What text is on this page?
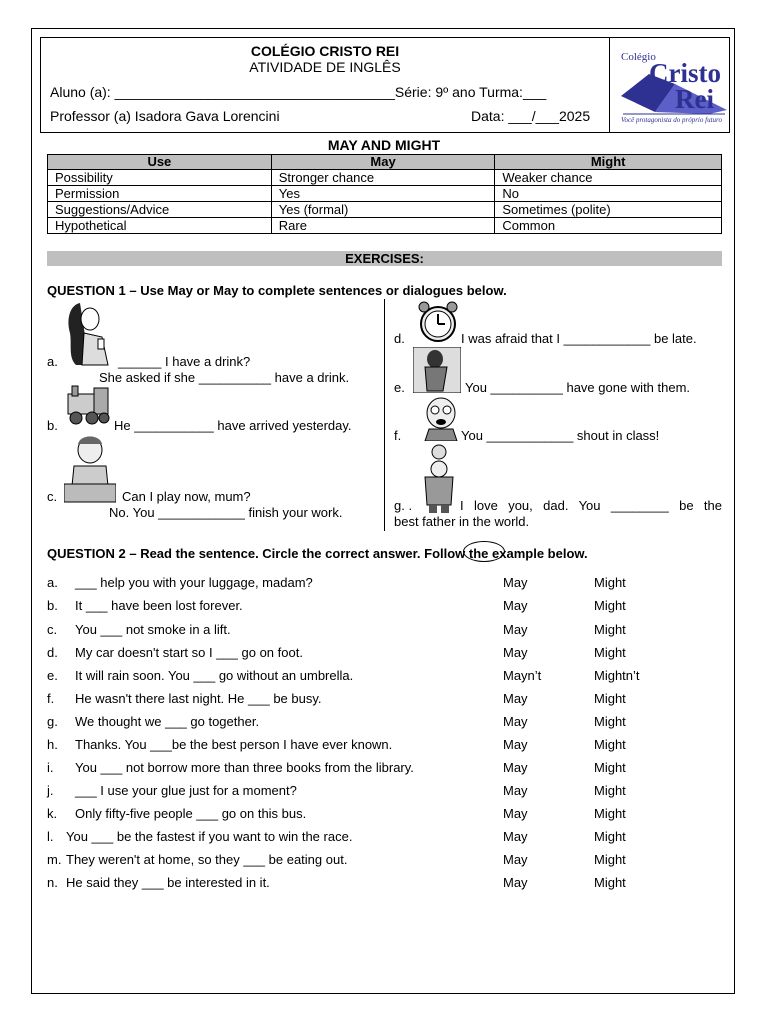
COLÉGIO CRISTO REI
ATIVIDADE DE INGLÊS
Aluno (a): ____________________________________Série: 9º ano Turma:___
Professor (a) Isadora Gava Lorencini	Data: ___/___2025
Colégio
Cristo
Rei
Você protagonista do próprio futuro
MAY AND MIGHT
Use	May	Might
Possibility	Stronger chance	Weaker chance
Permission	Yes	No
Suggestions/Advice	Yes (formal)	Sometimes (polite)
Hypothetical	Rare	Common
EXERCISES:
QUESTION 1 – Use May or May to complete sentences or dialogues below.
a.	______ I have a drink?
She asked if she __________ have a drink.
b.	He ___________ have arrived yesterday.
c.	Can I play now, mum?
No. You ____________ finish your work.
d.	I was afraid that I ____________ be late.
e.	You __________ have gone with them.
f.	You ____________ shout in class!
g. .	I love you, dad. You ________ be the
best father in the world.
QUESTION 2 – Read the sentence. Circle the correct answer. Follow the example below.
a. ___ help you with your luggage, madam?	May	Might
b. It ___ have been lost forever.	May	Might
c. You ___ not smoke in a lift.	May	Might
d. My car doesn't start so I ___ go on foot.	May	Might
e. It will rain soon. You ___ go without an umbrella.	Mayn’t	Mightn’t
f. He wasn't there last night. He ___ be busy.	May	Might
g. We thought we ___ go together.	May	Might
h. Thanks. You ___be the best person I have ever known.	May	Might
i. You ___ not borrow more than three books from the library.	May	Might
j. ___ I use your glue just for a moment?	May	Might
k. Only fifty-five people ___ go on this bus.	May	Might
l. You ___ be the fastest if you want to win the race.	May	Might
m. They weren't at home, so they ___ be eating out.	May	Might
n. He said they ___ be interested in it.	May	Might
